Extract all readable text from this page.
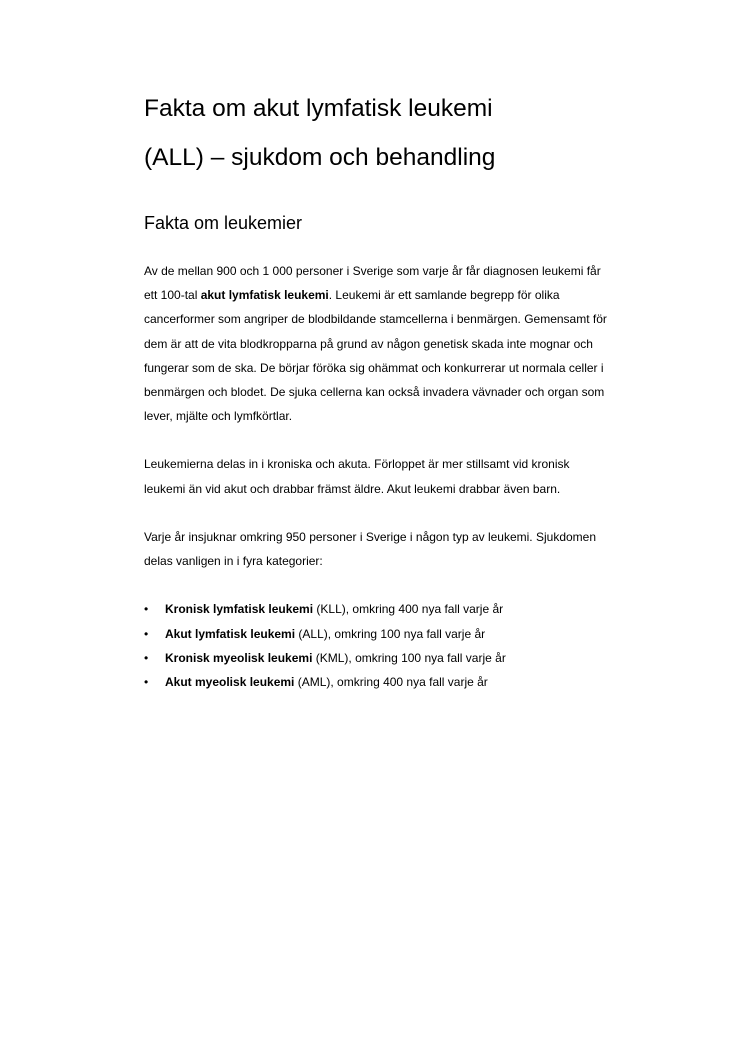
Fakta om akut lymfatisk leukemi
(ALL) – sjukdom och behandling
Fakta om leukemier

Av de mellan 900 och 1 000 personer i Sverige som varje år får diagnosen leukemi får ett 100-tal akut lymfatisk leukemi. Leukemi är ett samlande begrepp för olika cancerformer som angriper de blodbildande stamcellerna i benmärgen. Gemensamt för dem är att de vita blodkropparna på grund av någon genetisk skada inte mognar och fungerar som de ska. De börjar föröka sig ohämmat och konkurrerar ut normala celler i benmärgen och blodet. De sjuka cellerna kan också invadera vävnader och organ som lever, mjälte och lymfkörtlar.

Leukemierna delas in i kroniska och akuta. Förloppet är mer stillsamt vid kronisk leukemi än vid akut och drabbar främst äldre. Akut leukemi drabbar även barn.

Varje år insjuknar omkring 950 personer i Sverige i någon typ av leukemi. Sjukdomen delas vanligen in i fyra kategorier:

• Kronisk lymfatisk leukemi (KLL), omkring 400 nya fall varje år
• Akut lymfatisk leukemi (ALL), omkring 100 nya fall varje år
• Kronisk myeolisk leukemi (KML), omkring 100 nya fall varje år
• Akut myeolisk leukemi (AML), omkring 400 nya fall varje år
